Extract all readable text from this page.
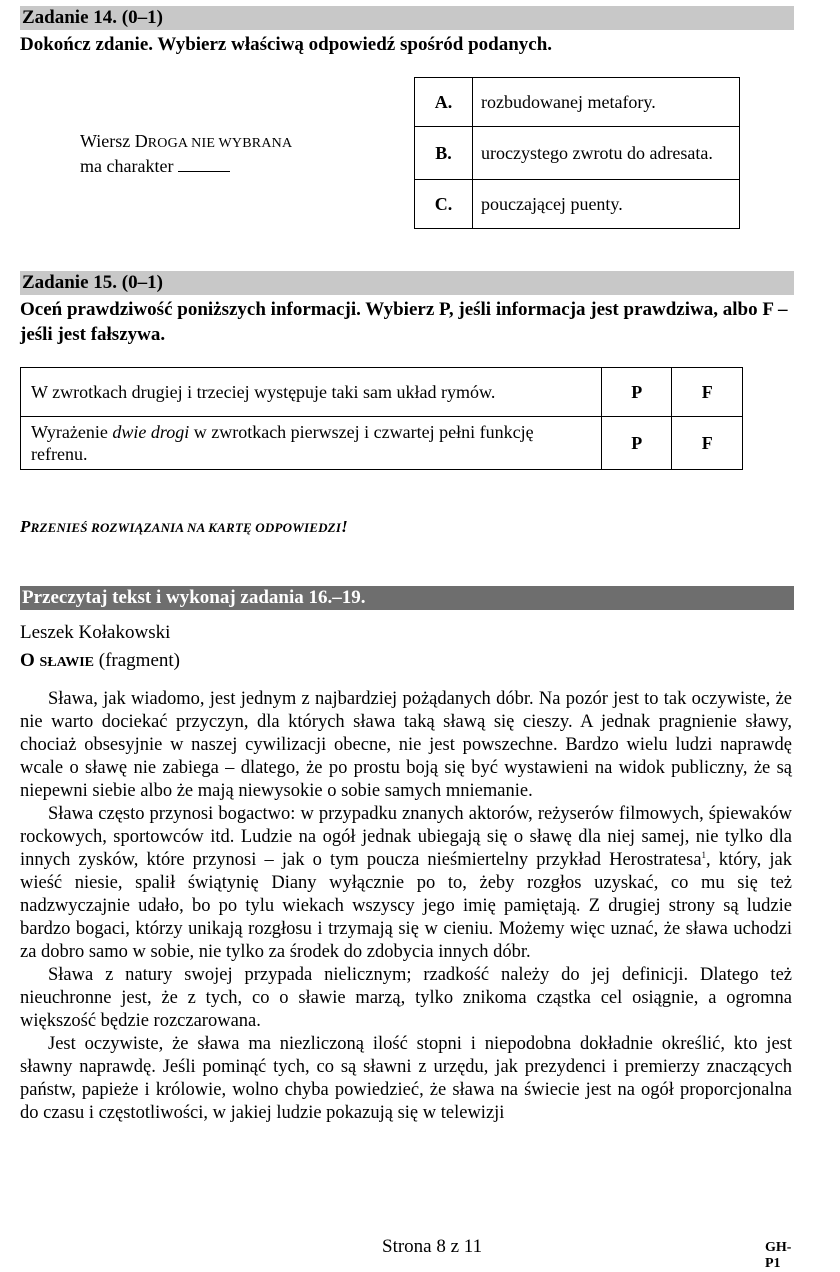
Zadanie 14. (0–1)
Dokończ zdanie. Wybierz właściwą odpowiedź spośród podanych.
Wiersz DROGA NIE WYBRANA
ma charakter
A.	rozbudowanej metafory.
B.	uroczystego zwrotu do adresata.
C.	pouczającej puenty.
Zadanie 15. (0–1)
Oceń prawdziwość poniższych informacji. Wybierz P, jeśli informacja jest prawdziwa, albo F – jeśli jest fałszywa.
W zwrotkach drugiej i trzeciej występuje taki sam układ rymów.	P	F
Wyrażenie dwie drogi w zwrotkach pierwszej i czwartej pełni funkcję refrenu.	P	F
PRZENIEŚ ROZWIĄZANIA NA KARTĘ ODPOWIEDZI!
Przeczytaj tekst i wykonaj zadania 16.–19.
Leszek Kołakowski
O SŁAWIE (fragment)

Sława, jak wiadomo, jest jednym z najbardziej pożądanych dóbr. Na pozór jest to tak oczywiste, że nie warto dociekać przyczyn, dla których sława taką sławą się cieszy. A jednak pragnienie sławy, chociaż obsesyjnie w naszej cywilizacji obecne, nie jest powszechne. Bardzo wielu ludzi naprawdę wcale o sławę nie zabiega – dlatego, że po prostu boją się być wystawieni na widok publiczny, że są niepewni siebie albo że mają niewysokie o sobie samych mniemanie.

Sława często przynosi bogactwo: w przypadku znanych aktorów, reżyserów filmowych, śpiewaków rockowych, sportowców itd. Ludzie na ogół jednak ubiegają się o sławę dla niej samej, nie tylko dla innych zysków, które przynosi – jak o tym poucza nieśmiertelny przykład Herostratesa$^1$, który, jak wieść niesie, spalił świątynię Diany wyłącznie po to, żeby rozgłos uzyskać, co mu się też nadzwyczajnie udało, bo po tylu wiekach wszyscy jego imię pamiętają. Z drugiej strony są ludzie bardzo bogaci, którzy unikają rozgłosu i trzymają się w cieniu. Możemy więc uznać, że sława uchodzi za dobro samo w sobie, nie tylko za środek do zdobycia innych dóbr.

Sława z natury swojej przypada nielicznym; rzadkość należy do jej definicji. Dlatego też nieuchronne jest, że z tych, co o sławie marzą, tylko znikoma cząstka cel osiągnie, a ogromna większość będzie rozczarowana.

Jest oczywiste, że sława ma niezliczoną ilość stopni i niepodobna dokładnie określić, kto jest sławny naprawdę. Jeśli pominąć tych, co są sławni z urzędu, jak prezydenci i premierzy znaczących państw, papieże i królowie, wolno chyba powiedzieć, że sława na świecie jest na ogół proporcjonalna do czasu i częstotliwości, w jakiej ludzie pokazują się w telewizji

Strona 8 z 11	GH-P1
